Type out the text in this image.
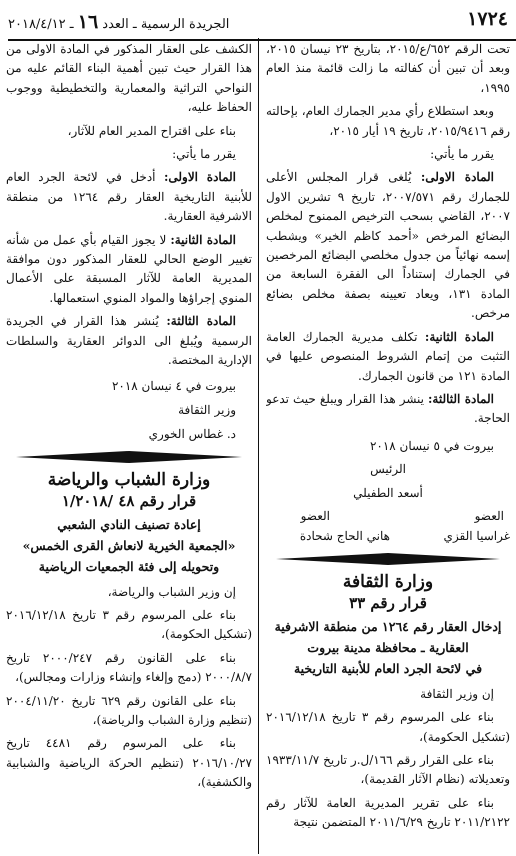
١٧٢٤
الجريدة الرسمية ـ العدد ١٦ ـ ٢٠١٨/٤/١٢

تحت الرقم ٦٥٢/ع/٢٠١٥، بتاريخ ٢٣ نيسان ٢٠١٥، وبعد أن تبين أن كفالته ما زالت قائمة منذ العام ١٩٩٥،

وبعد استطلاع رأي مدير الجمارك العام، بإحالته رقم ٢٠١٥/٩٤١٦، تاريخ ١٩ أيار ٢٠١٥،

يقرر ما يأتي:

المادة الاولى: يُلغى قرار المجلس الأعلى للجمارك رقم ٢٠٠٧/٥٧١، تاريخ ٩ تشرين الاول ٢٠٠٧، القاضي بسحب الترخيص الممنوح لمخلص البضائع المرخص «أحمد كاظم الخير» ويشطب إسمه نهائياً من جدول مخلصي البضائع المرخصين في الجمارك إستناداً الى الفقرة السابعة من المادة ١٣١، ويعاد تعيينه بصفة مخلص بضائع مرخص.

المادة الثانية: تكلف مديرية الجمارك العامة التثبت من إتمام الشروط المنصوص عليها في المادة ١٢١ من قانون الجمارك.

المادة الثالثة: ينشر هذا القرار ويبلغ حيث تدعو الحاجة.

بيروت في ٥ نيسان ٢٠١٨

الرئيس

أسعد الطفيلي

العضو
العضو
غراسيا القزي
هاني الحاج شحادة
وزارة الثقافة
قرار رقم ٣٣
إدخال العقار رقم ١٢٦٤ من منطقة الاشرفية
العقارية ـ محافظة مدينة بيروت
في لائحة الجرد العام للأبنية التاريخية

إن وزير الثقافة

بناء على المرسوم رقم ٣ تاريخ ٢٠١٦/١٢/١٨ (تشكيل الحكومة)،

بناء على القرار رقم ١٦٦/ل.ر تاريخ ١٩٣٣/١١/٧ وتعديلاته (نظام الآثار القديمة)،

بناء على تقرير المديرية العامة للآثار رقم ٢٠١١/٢١٢٢ تاريخ ٢٠١١/٦/٢٩ المتضمن نتيجة

الكشف على العقار المذكور في المادة الاولى من هذا القرار حيث تبين أهمية البناء القائم عليه من النواحي التراثية والمعمارية والتخطيطية ووجوب الحفاظ عليه،

بناء على اقتراح المدير العام للآثار،

يقرر ما يأتي:

المادة الاولى: أدخل في لائحة الجرد العام للأبنية التاريخية العقار رقم ١٢٦٤ من منطقة الاشرفية العقارية.

المادة الثانية: لا يجوز القيام بأي عمل من شأنه تغيير الوضع الحالي للعقار المذكور دون موافقة المديرية العامة للآثار المسبقة على الأعمال المنوي إجراؤها والمواد المنوي استعمالها.

المادة الثالثة: يُنشر هذا القرار في الجريدة الرسمية ويُبلغ الى الدوائر العقارية والسلطات الإدارية المختصة.

بيروت في ٤ نيسان ٢٠١٨

وزير الثقافة

د. غطاس الخوري

وزارة الشباب والرياضة
قرار رقم ٤٨ /١/٢٠١٨
إعادة تصنيف النادي الشعبي
«الجمعية الخيرية لانعاش القرى الخمس»
وتحويله إلى فئة الجمعيات الرياضية

إن وزير الشباب والرياضة،

بناء على المرسوم رقم ٣ تاريخ ٢٠١٦/١٢/١٨ (تشكيل الحكومة)،

بناء على القانون رقم ٢٠٠٠/٢٤٧ تاريخ ٢٠٠٠/٨/٧ (دمج وإلغاء وإنشاء وزارات ومجالس)،

بناء على القانون رقم ٦٢٩ تاريخ ٢٠٠٤/١١/٢٠ (تنظيم وزارة الشباب والرياضة)،

بناء على المرسوم رقم ٤٤٨١ تاريخ ٢٠١٦/١٠/٢٧ (تنظيم الحركة الرياضية والشبابية والكشفية)،
